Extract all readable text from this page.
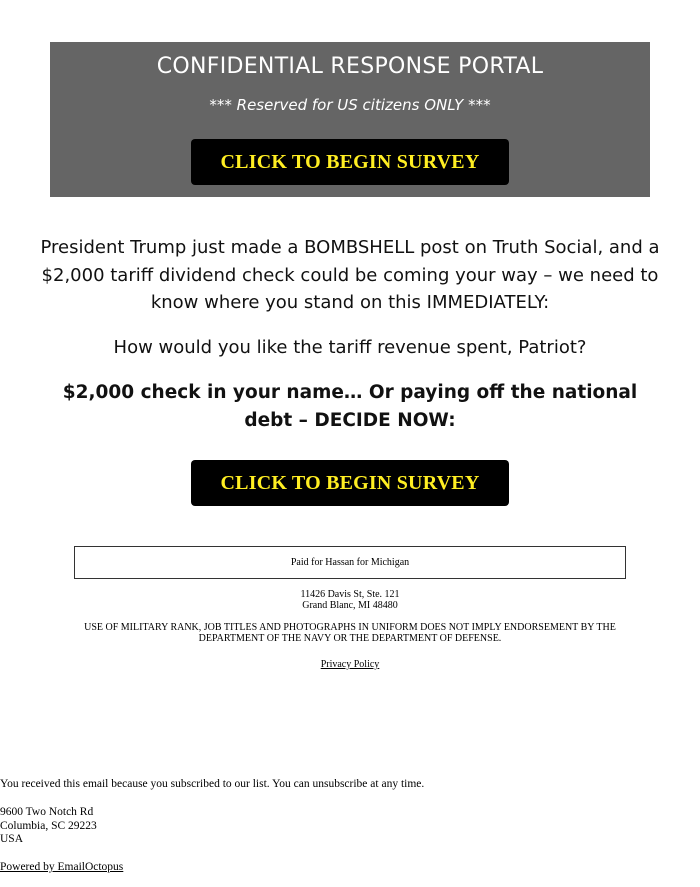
CONFIDENTIAL RESPONSE PORTAL
*** Reserved for US citizens ONLY ***
CLICK TO BEGIN SURVEY
President Trump just made a BOMBSHELL post on Truth Social, and a $2,000 tariff dividend check could be coming your way – we need to know where you stand on this IMMEDIATELY:
How would you like the tariff revenue spent, Patriot?
$2,000 check in your name… Or paying off the national debt – DECIDE NOW:
CLICK TO BEGIN SURVEY
Paid for Hassan for Michigan
11426 Davis St, Ste. 121
Grand Blanc, MI 48480
USE OF MILITARY RANK, JOB TITLES AND PHOTOGRAPHS IN UNIFORM DOES NOT IMPLY ENDORSEMENT BY THE DEPARTMENT OF THE NAVY OR THE DEPARTMENT OF DEFENSE.
Privacy Policy
You received this email because you subscribed to our list. You can unsubscribe at any time.
9600 Two Notch Rd
Columbia, SC 29223
USA
Powered by EmailOctopus
